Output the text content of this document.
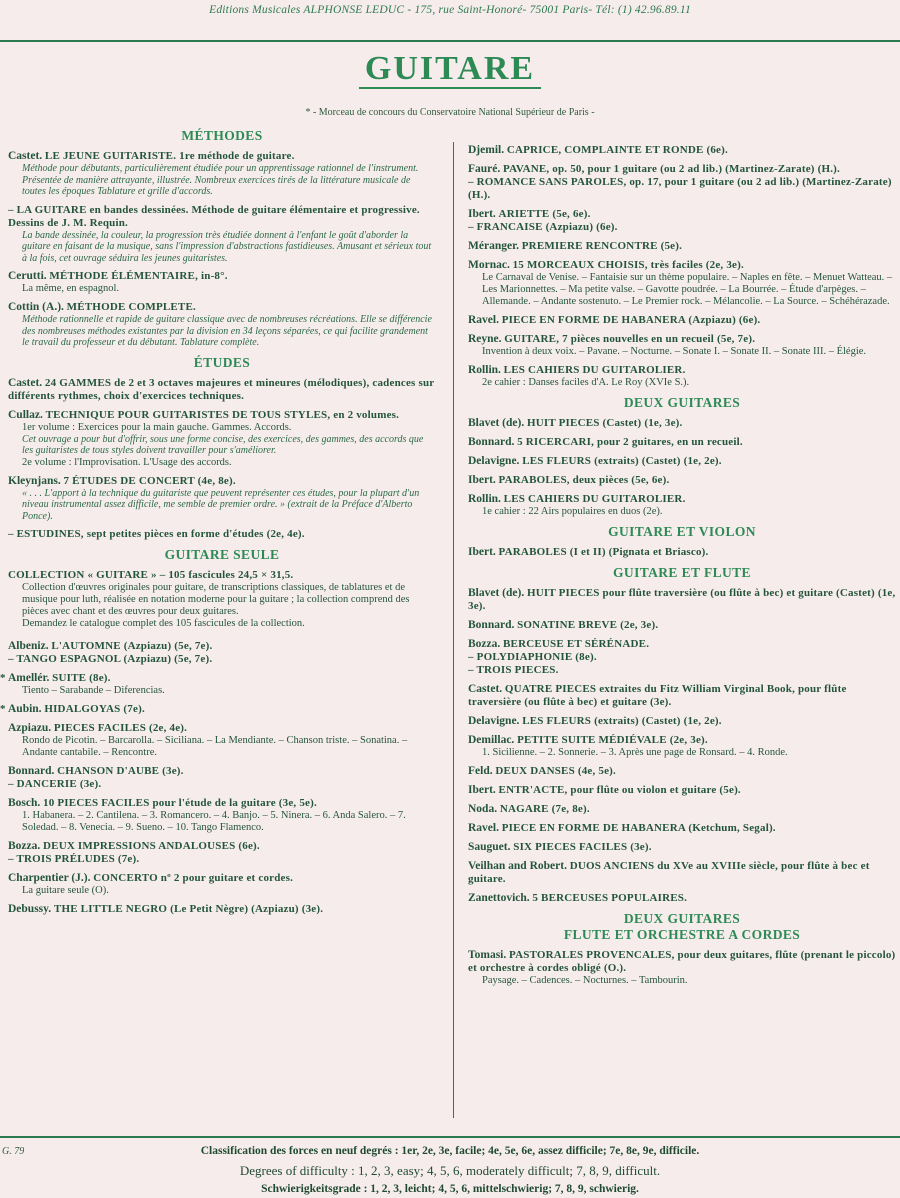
Editions Musicales ALPHONSE LEDUC - 175, rue Saint-Honoré- 75001 Paris- Tél: (1) 42.96.89.11
GUITARE
* - Morceau de concours du Conservatoire National Supérieur de Paris -
MÉTHODES
Castet. LE JEUNE GUITARISTE. 1re méthode de guitare.
Méthode pour débutants, particulièrement étudiée pour un apprentissage rationnel de l'instrument. Présentée de manière attrayante, illustrée. Nombreux exercices tirés de la littérature musicale de toutes les époques Tablature et grille d'accords.
– LA GUITARE en bandes dessinées. Méthode de guitare élémentaire et progressive. Dessins de J. M. Requin.
La bande dessinée, la couleur, la progression très étudiée donnent à l'enfant le goût d'aborder la guitare en faisant de la musique, sans l'impression d'abstractions fastidieuses. Amusant et sérieux tout à la fois, cet ouvrage séduira les jeunes guitaristes.
Cerutti. MÉTHODE ÉLÉMENTAIRE, in-8°.
La même, en espagnol.
Cottin (A.). MÉTHODE COMPLETE.
Méthode rationnelle et rapide de guitare classique avec de nombreuses récréations. Elle se différencie des nombreuses méthodes existantes par la division en 34 leçons séparées, ce qui facilite grandement le travail du professeur et du débutant. Tablature complète.
ÉTUDES
Castet. 24 GAMMES de 2 et 3 octaves majeures et mineures (mélodiques), cadences sur différents rythmes, choix d'exercices techniques.
Cullaz. TECHNIQUE POUR GUITARISTES DE TOUS STYLES, en 2 volumes.
1er volume : Exercices pour la main gauche. Gammes. Accords.
Cet ouvrage a pour but d'offrir, sous une forme concise, des exercices, des gammes, des accords que les guitaristes de tous styles doivent travailler pour s'améliorer.
2e volume : l'Improvisation. L'Usage des accords.
Kleynjans. 7 ÉTUDES DE CONCERT (4e, 8e).
« . . . L'apport à la technique du guitariste que peuvent représenter ces études, pour la plupart d'un niveau instrumental assez difficile, me semble de premier ordre. » (extrait de la Préface d'Alberto Ponce).
– ESTUDINES, sept petites pièces en forme d'études (2e, 4e).
GUITARE SEULE
COLLECTION « GUITARE » – 105 fascicules 24,5 × 31,5.
Collection d'œuvres originales pour guitare, de transcriptions classiques, de tablatures et de musique pour luth, réalisée en notation moderne pour la guitare ; la collection comprend des pièces avec chant et des œuvres pour deux guitares.
Demandez le catalogue complet des 105 fascicules de la collection.
Albeniz. L'AUTOMNE (Azpiazu) (5e, 7e).
– TANGO ESPAGNOL (Azpiazu) (5e, 7e).
* Amellér. SUITE (8e).
Tiento – Sarabande – Diferencias.
* Aubin. HIDALGOYAS (7e).
Azpiazu. PIECES FACILES (2e, 4e).
Rondo de Picotin. – Barcarolla. – Siciliana. – La Mendiante. – Chanson triste. – Sonatina. – Andante cantabile. – Rencontre.
Bonnard. CHANSON D'AUBE (3e).
– DANCERIE (3e).
Bosch. 10 PIECES FACILES pour l'étude de la guitare (3e, 5e).
1. Habanera. – 2. Cantilena. – 3. Romancero. – 4. Banjo. – 5. Ninera. – 6. Anda Salero. – 7. Soledad. – 8. Venecia. – 9. Sueno. – 10. Tango Flamenco.
Bozza. DEUX IMPRESSIONS ANDALOUSES (6e).
– TROIS PRÉLUDES (7e).
Charpentier (J.). CONCERTO nº 2 pour guitare et cordes.
La guitare seule (O).
Debussy. THE LITTLE NEGRO (Le Petit Nègre) (Azpiazu) (3e).
Djemil. CAPRICE, COMPLAINTE ET RONDE (6e).
Fauré. PAVANE, op. 50, pour 1 guitare (ou 2 ad lib.) (Martinez-Zarate) (H.).
– ROMANCE SANS PAROLES, op. 17, pour 1 guitare (ou 2 ad lib.) (Martinez-Zarate) (H.).
Ibert. ARIETTE (5e, 6e).
– FRANCAISE (Azpiazu) (6e).
Méranger. PREMIERE RENCONTRE (5e).
Mornac. 15 MORCEAUX CHOISIS, très faciles (2e, 3e).
Le Carnaval de Venise. – Fantaisie sur un thème populaire. – Naples en fête. – Menuet Watteau. – Les Marionnettes. – Ma petite valse. – Gavotte poudrée. – La Bourrée. – Étude d'arpèges. – Allemande. – Andante sostenuto. – Le Premier rock. – Mélancolie. – La Source. – Schéhérazade.
Ravel. PIECE EN FORME DE HABANERA (Azpiazu) (6e).
Reyne. GUITARE, 7 pièces nouvelles en un recueil (5e, 7e).
Invention à deux voix. – Pavane. – Nocturne. – Sonate I. – Sonate II. – Sonate III. – Élégie.
Rollin. LES CAHIERS DU GUITAROLIER.
2e cahier : Danses faciles d'A. Le Roy (XVIe S.).
DEUX GUITARES
Blavet (de). HUIT PIECES (Castet) (1e, 3e).
Bonnard. 5 RICERCARI, pour 2 guitares, en un recueil.
Delavigne. LES FLEURS (extraits) (Castet) (1e, 2e).
Ibert. PARABOLES, deux pièces (5e, 6e).
Rollin. LES CAHIERS DU GUITAROLIER.
1e cahier : 22 Airs populaires en duos (2e).
GUITARE ET VIOLON
Ibert. PARABOLES (I et II) (Pignata et Briasco).
GUITARE ET FLUTE
Blavet (de). HUIT PIECES pour flûte traversière (ou flûte à bec) et guitare (Castet) (1e, 3e).
Bonnard. SONATINE BREVE (2e, 3e).
Bozza. BERCEUSE ET SÉRÉNADE.
– POLYDIAPHONIE (8e).
– TROIS PIECES.
Castet. QUATRE PIECES extraites du Fitz William Virginal Book, pour flûte traversière (ou flûte à bec) et guitare (3e).
Delavigne. LES FLEURS (extraits) (Castet) (1e, 2e).
Demillac. PETITE SUITE MÉDIÉVALE (2e, 3e).
1. Sicilienne. – 2. Sonnerie. – 3. Après une page de Ronsard. – 4. Ronde.
Feld. DEUX DANSES (4e, 5e).
Ibert. ENTR'ACTE, pour flûte ou violon et guitare (5e).
Noda. NAGARE (7e, 8e).
Ravel. PIECE EN FORME DE HABANERA (Ketchum, Segal).
Sauguet. SIX PIECES FACILES (3e).
Veilhan and Robert. DUOS ANCIENS du XVe au XVIIIe siècle, pour flûte à bec et guitare.
Zanettovich. 5 BERCEUSES POPULAIRES.
DEUX GUITARES
FLUTE ET ORCHESTRE A CORDES
Tomasi. PASTORALES PROVENCALES, pour deux guitares, flûte (prenant le piccolo) et orchestre à cordes obligé (O.).
Paysage. – Cadences. – Nocturnes. – Tambourin.
G. 79	Classification des forces en neuf degrés : 1er, 2e, 3e, facile; 4e, 5e, 6e, assez difficile; 7e, 8e, 9e, difficile.
Degrees of difficulty : 1, 2, 3, easy; 4, 5, 6, moderately difficult; 7, 8, 9, difficult.
Schwierigkeitsgrade : 1, 2, 3, leicht; 4, 5, 6, mittelschwierig; 7, 8, 9, schwierig.
